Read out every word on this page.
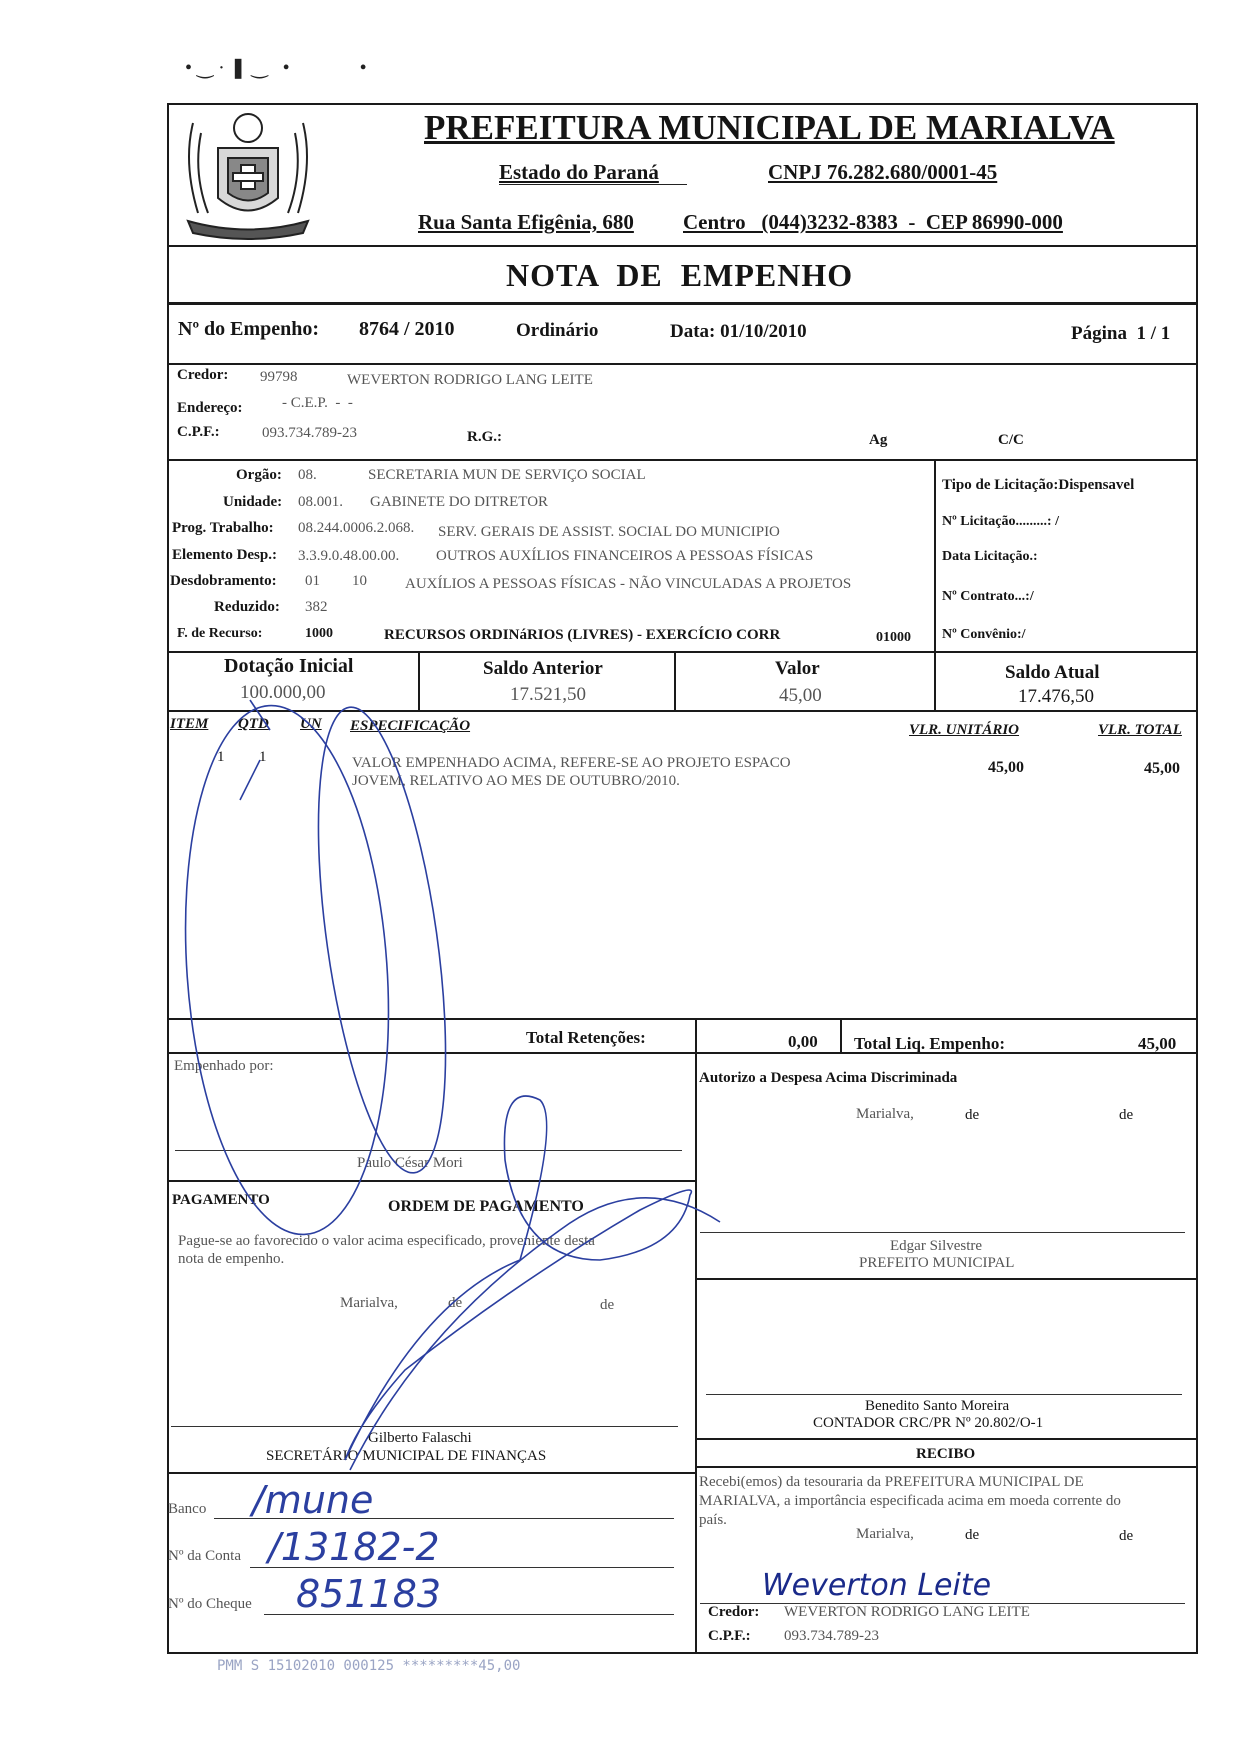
• ‿ · ❚ ‿   •              •
PREFEITURA MUNICIPAL DE MARIALVA
Estado do Paraná	CNPJ 76.282.680/0001-45
Rua Santa Efigênia, 680 Centro   (044)3232-8383  -  CEP 86990-000
NOTA  DE  EMPENHO
Nº do Empenho: 8764 / 2010	Ordinário	Data: 01/10/2010	Página  1 / 1
Credor: 99798	WEVERTON RODRIGO LANG LEITE
Endereço:	- C.E.P.  -  -
C.P.F.:	093.734.789-23	R.G.:	Ag	C/C
Orgão: 08.	SECRETARIA MUN DE SERVIÇO SOCIAL
Unidade: 08.001. GABINETE DO DITRETOR
Prog. Trabalho: 08.244.0006.2.068. SERV. GERAIS DE ASSIST. SOCIAL DO MUNICIPIO
Elemento Desp.: 3.3.9.0.48.00.00. OUTROS AUXÍLIOS FINANCEIROS A PESSOAS FÍSICAS
Desdobramento: 01 10	AUXÍLIOS A PESSOAS FÍSICAS - NÃO VINCULADAS A PROJETOS
Reduzido: 382
F. de Recurso:	1000	RECURSOS ORDINáRIOS (LIVRES) - EXERCÍCIO CORR	01000
Tipo de Licitação:Dispensavel
Nº Licitação.........: /
Data Licitação.:
Nº Contrato...:/
Nº Convênio:/
Dotação Inicial
100.000,00
Saldo Anterior
17.521,50
Valor
45,00
Saldo Atual
17.476,50
ITEM QTD UN ESPECIFICAÇÃO	VLR. UNITÁRIO	VLR. TOTAL
1 1	VALOR EMPENHADO ACIMA, REFERE-SE AO PROJETO ESPACO
JOVEM, RELATIVO AO MES DE OUTUBRO/2010.
45,00	45,00
Total Retenções:	0,00 Total Liq. Empenho:	45,00
Empenhado por:
Paulo César Mori
Autorizo a Despesa Acima Discriminada
Marialva,	de	de
Edgar Silvestre
PREFEITO MUNICIPAL
Benedito Santo Moreira
CONTADOR CRC/PR Nº 20.802/O-1
PAGAMENTO	ORDEM DE PAGAMENTO
Pague-se ao favorecido o valor acima especificado, proveniente desta
nota de empenho.
Marialva,	de	de
Gilberto Falaschi
SECRETÁRIO MUNICIPAL DE FINANÇAS
Banco /mune
Nº da Conta /13182-2
Nº do Cheque 851183
RECIBO
Recebi(emos) da tesouraria da PREFEITURA MUNICIPAL DE
MARIALVA, a importância especificada acima em moeda corrente do
país.
Marialva,	de	de
Weverton Leite
Credor: WEVERTON RODRIGO LANG LEITE
C.P.F.: 093.734.789-23
PMM S 15102010 000125 *********45,00
